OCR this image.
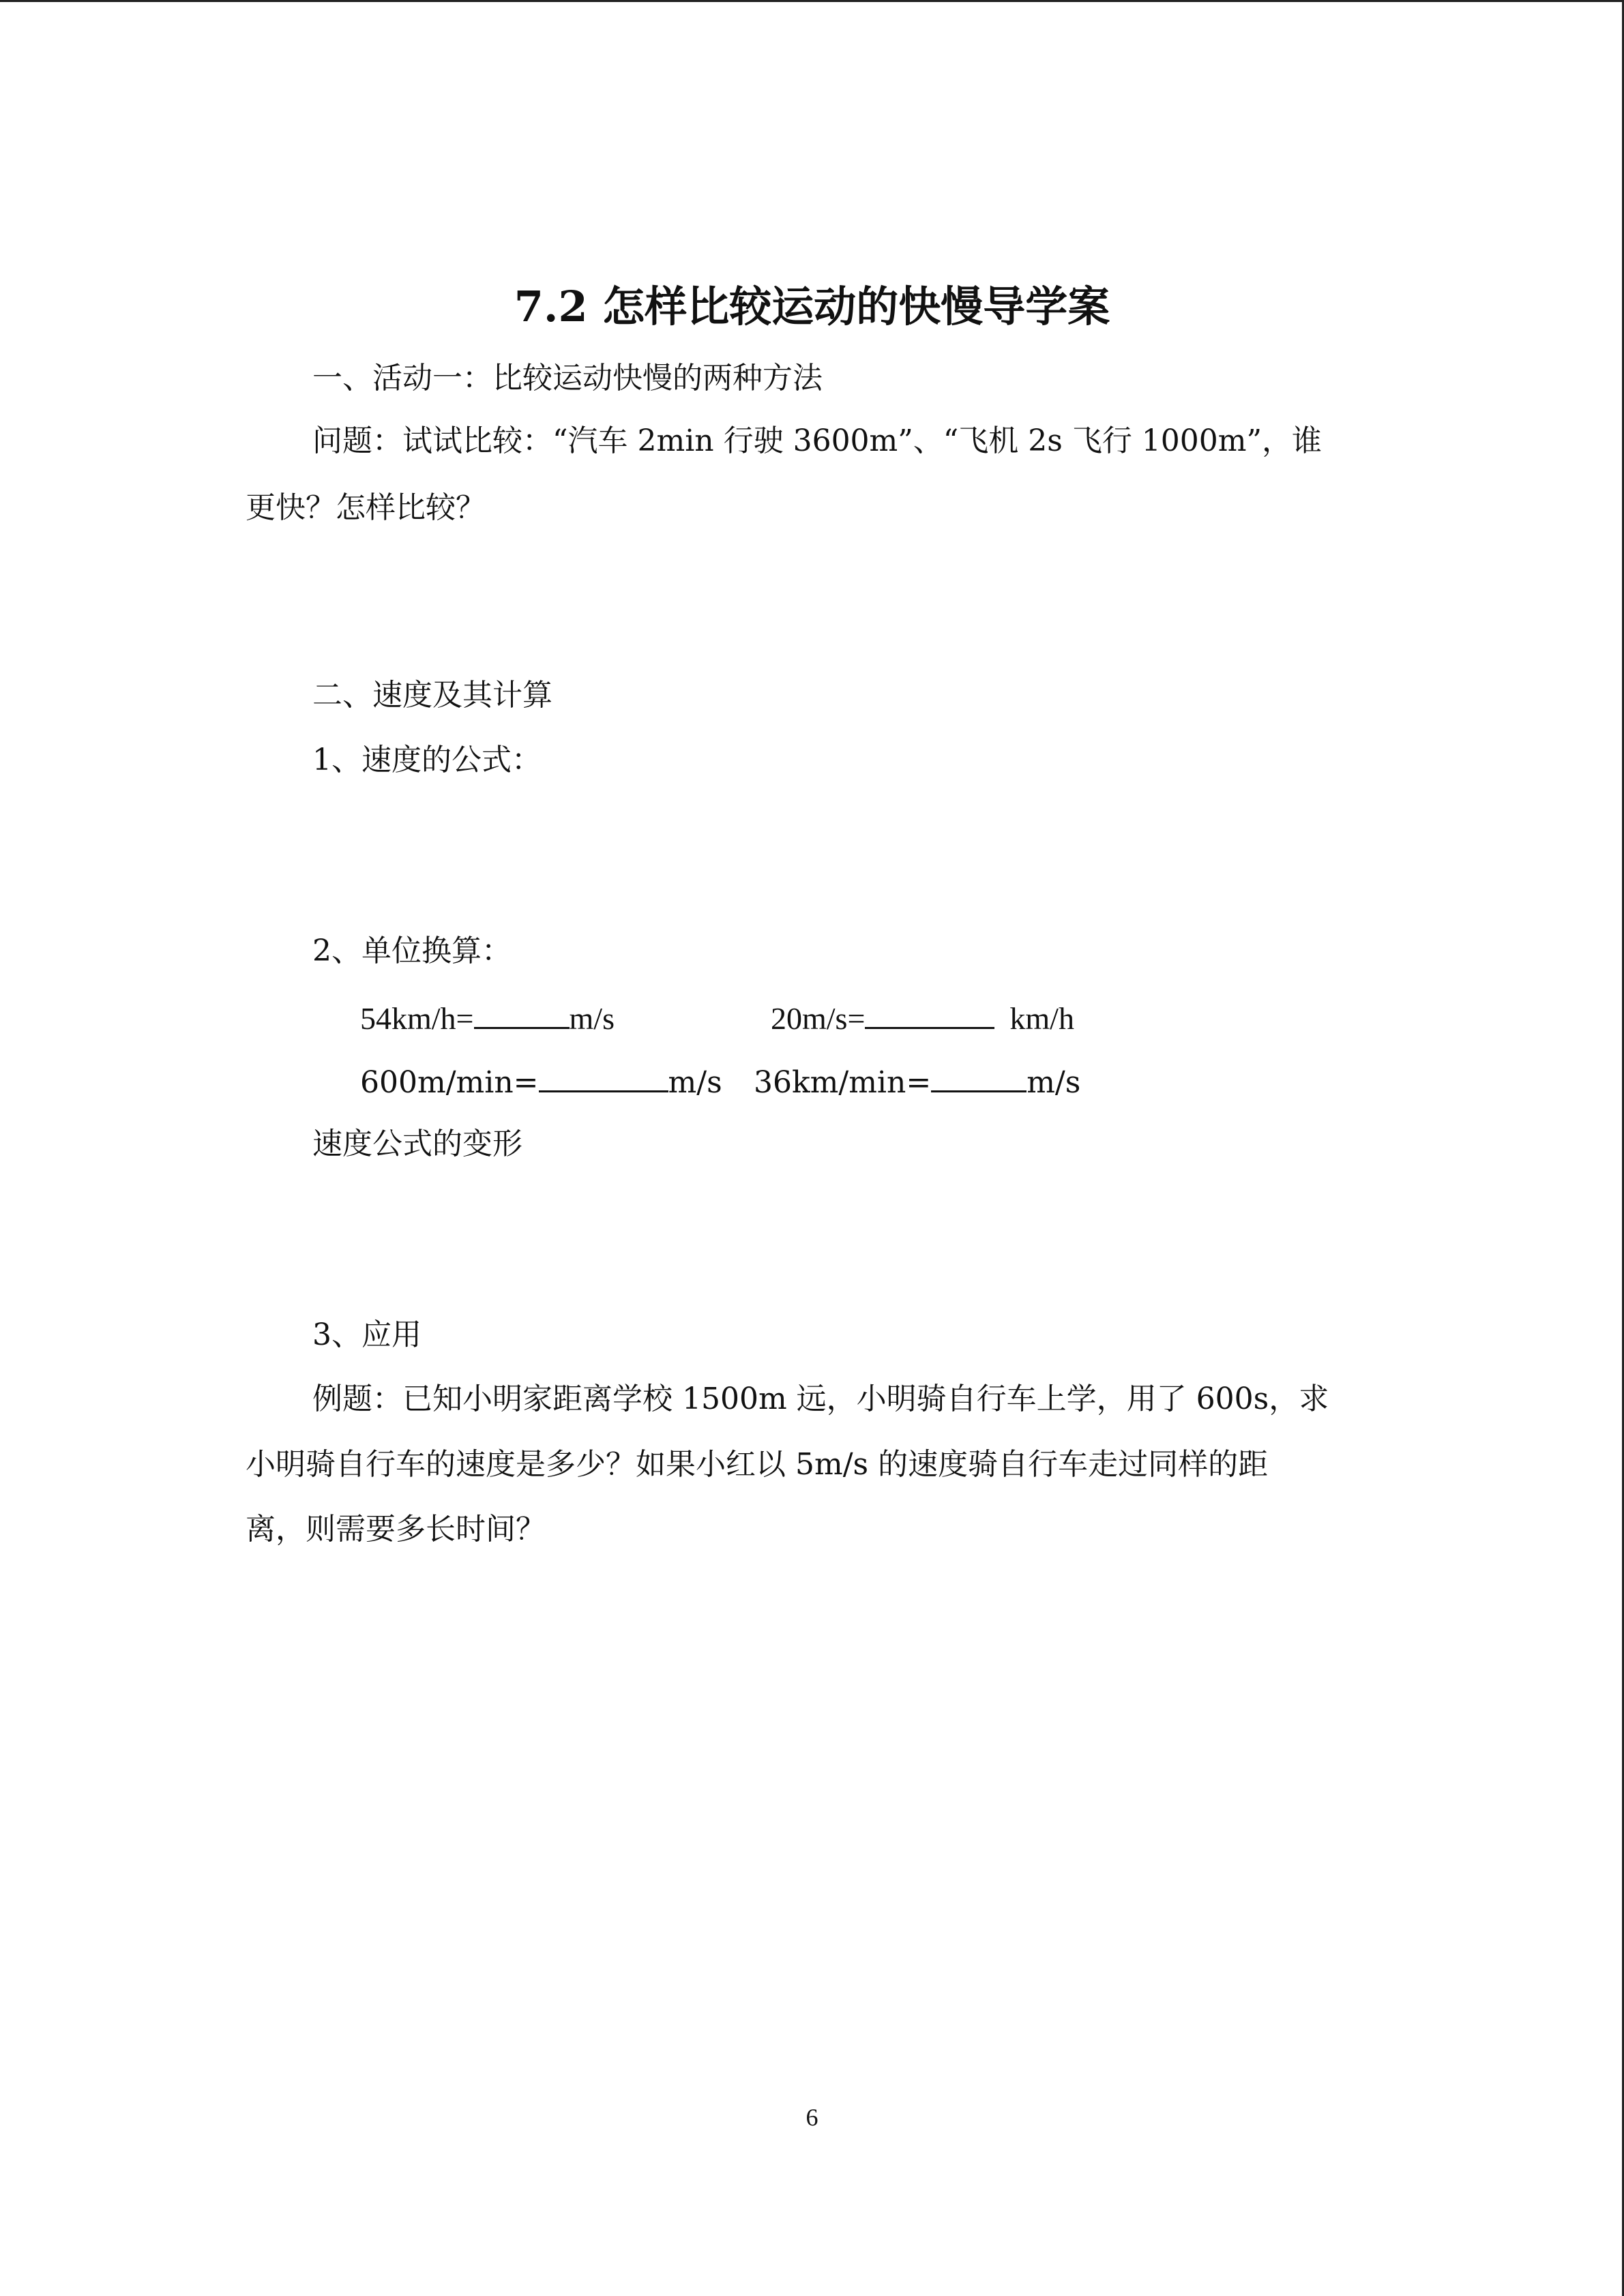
7.2 怎样比较运动的快慢导学案
一、活动一：比较运动快慢的两种方法
问题：试试比较：“汽车 2min 行驶 3600m”、“飞机 2s 飞行 1000m”，谁
更快？怎样比较？
二、速度及其计算
1、速度的公式：
2、单位换算：
54km/h=	m/s	20m/s=	km/h
600m/min=	m/s 36km/min=	m/s
速度公式的变形
3、应用
例题：已知小明家距离学校 1500m 远，小明骑自行车上学，用了 600s，求
小明骑自行车的速度是多少？如果小红以 5m/s 的速度骑自行车走过同样的距
离，则需要多长时间？
6
